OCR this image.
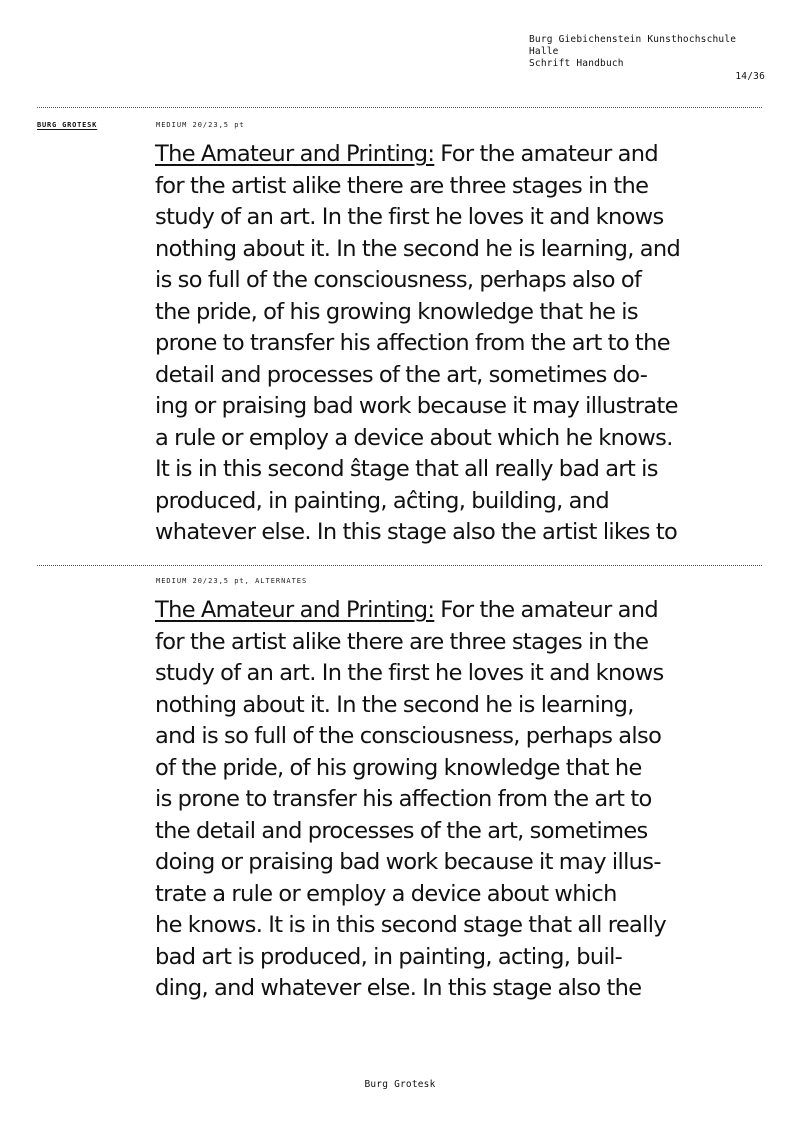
Burg Giebichenstein Kunsthochschule Halle
Schrift Handbuch
14/36
BURG GROTESK	MEDIUM 20/23,5 pt
The Amateur and Printing: For the amateur and
for the artist alike there are three stages in the
study of an art. In the first he loves it and knows
nothing about it. In the second he is learning, and
is so full of the consciousness, perhaps also of
the pride, of his growing knowledge that he is
prone to transfer his affection from the art to the
detail and processes of the art, sometimes do-
ing or praising bad work because it may illustrate
a rule or employ a device about which he knows.
It is in this second ŝtage that all really bad art is
produced, in painting, aĉting, building, and
whatever else. In this stage also the artist likes to
MEDIUM 20/23,5 pt, ALTERNATES
The Amateur and Printing: For the amateur and
for the artist alike there are three stages in the
study of an art. In the first he loves it and knows
nothing about it. In the second he is learning,
and is so full of the consciousness, perhaps also
of the pride, of his growing knowledge that he
is prone to transfer his affection from the art to
the detail and processes of the art, sometimes
doing or praising bad work because it may illus-
trate a rule or employ a device about which
he knows. It is in this second stage that all really
bad art is produced, in painting, acting, buil-
ding, and whatever else. In this stage also the
Burg Grotesk
